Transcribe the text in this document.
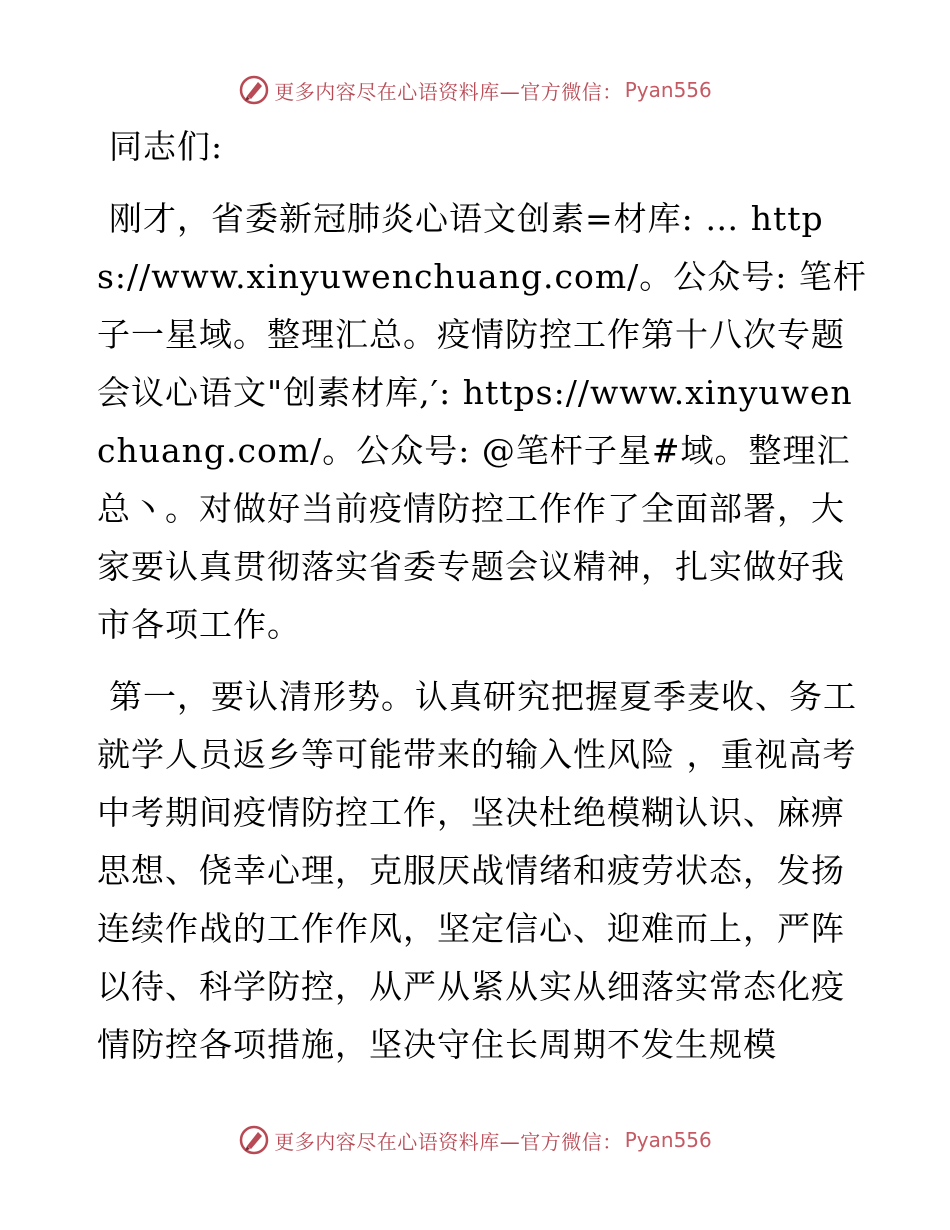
更多内容尽在心语资料库—官方微信： Pyan556
同志们:
刚才，省委新冠肺炎心语文创素=材库: … https://www.xinyuwenchuang.com/。公众号: 笔杆子一星域。整理汇总。疫情防控工作第十八次专题会议心语文"创素材库,′: https://www.xinyuwenchuang.com/。公众号: @笔杆子星#域。整理汇总丶。对做好当前疫情防控工作作了全面部署，大家要认真贯彻落实省委专题会议精神，扎实做好我市各项工作。
第一，要认清形势。认真研究把握夏季麦收、务工就学人员返乡等可能带来的输入性风险 ，重视高考中考期间疫情防控工作，坚决杜绝模糊认识、麻痹思想、侥幸心理，克服厌战情绪和疲劳状态，发扬连续作战的工作作风，坚定信心、迎难而上，严阵以待、科学防控，从严从紧从实从细落实常态化疫情防控各项措施，坚决守住长周期不发生规模
更多内容尽在心语资料库—官方微信： Pyan556
